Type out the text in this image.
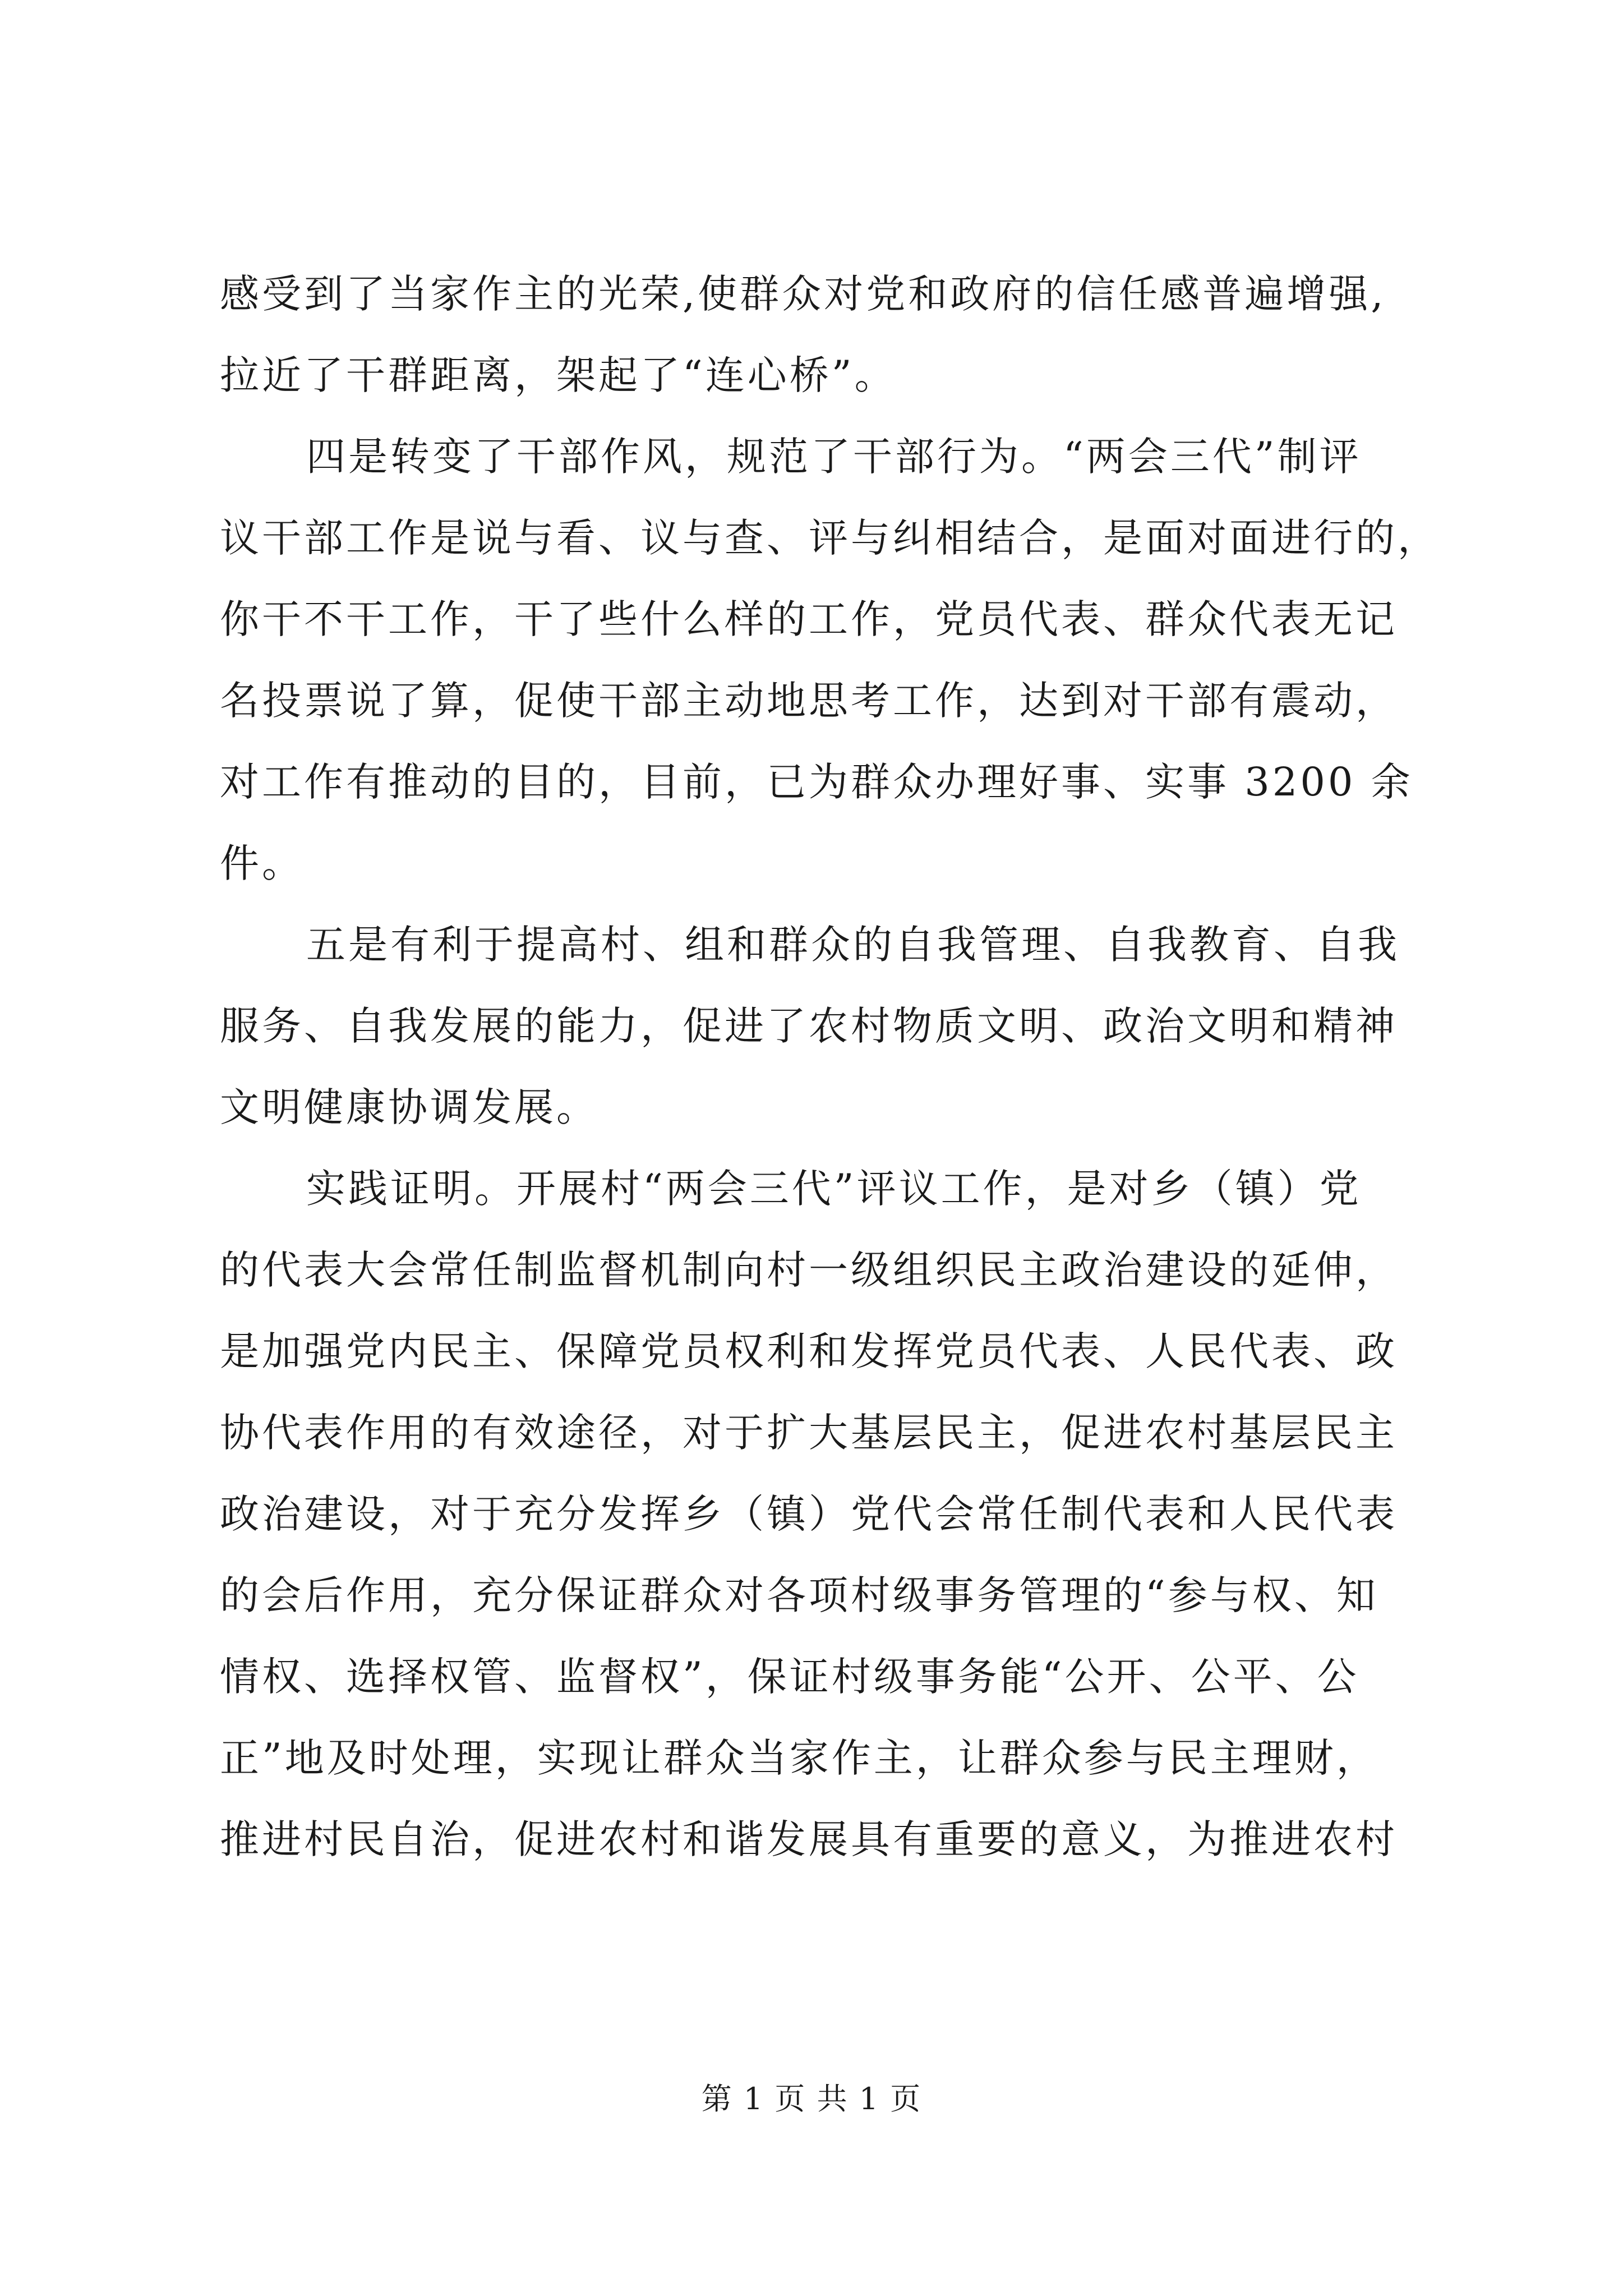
感受到了当家作主的光荣,使群众对党和政府的信任感普遍增强,
拉近了干群距离，架起了“连心桥”。
四是转变了干部作风，规范了干部行为。“两会三代”制评
议干部工作是说与看、议与查、评与纠相结合，是面对面进行的，
你干不干工作，干了些什么样的工作，党员代表、群众代表无记
名投票说了算，促使干部主动地思考工作，达到对干部有震动，
对工作有推动的目的，目前，已为群众办理好事、实事 3200 余
件。
五是有利于提高村、组和群众的自我管理、自我教育、自我
服务、自我发展的能力，促进了农村物质文明、政治文明和精神
文明健康协调发展。
实践证明。开展村“两会三代”评议工作，是对乡（镇）党
的代表大会常任制监督机制向村一级组织民主政治建设的延伸，
是加强党内民主、保障党员权利和发挥党员代表、人民代表、政
协代表作用的有效途径，对于扩大基层民主，促进农村基层民主
政治建设，对于充分发挥乡（镇）党代会常任制代表和人民代表
的会后作用，充分保证群众对各项村级事务管理的“参与权、知
情权、选择权管、监督权”，保证村级事务能“公开、公平、公
正”地及时处理，实现让群众当家作主，让群众参与民主理财，
推进村民自治，促进农村和谐发展具有重要的意义，为推进农村
第 1 页 共 1 页
